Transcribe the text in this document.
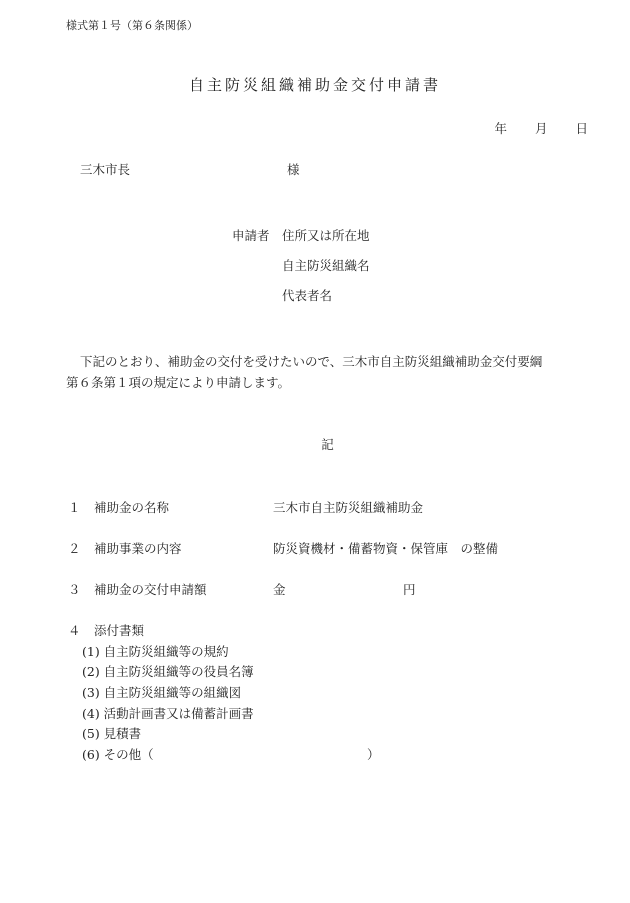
様式第１号（第６条関係）
自主防災組織補助金交付申請書
年 月 日
三木市長	様
申請者 住所又は所在地
自主防災組織名
代表者名
下記のとおり、補助金の交付を受けたいので、三木市自主防災組織補助金交付要綱
第６条第１項の規定により申請します。
記
１ 補助金の名称	三木市自主防災組織補助金
２ 補助事業の内容	防災資機材・備蓄物資・保管庫　の整備
３ 補助金の交付申請額	金	円
４ 添付書類
(1) 自主防災組織等の規約
(2) 自主防災組織等の役員名簿
(3) 自主防災組織等の組織図
(4) 活動計画書又は備蓄計画書
(5) 見積書
(6) その他（	）
